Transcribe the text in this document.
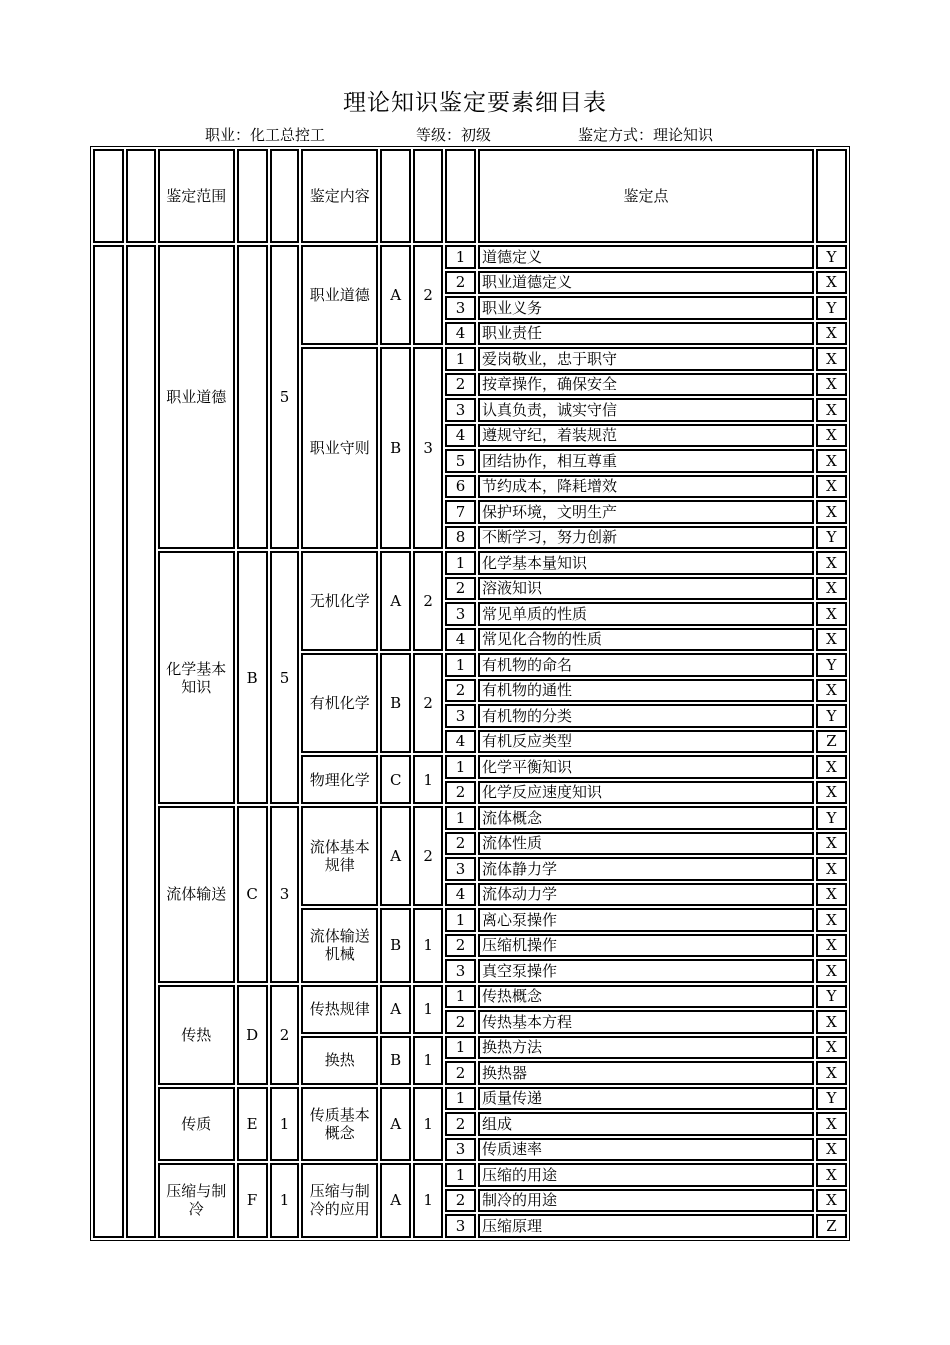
理论知识鉴定要素细目表
职业：化工总控工	等级：初级	鉴定方式：理论知识
		鉴定范围			鉴定内容				鉴定点	
		职业道德		5	职业道德	A	2	1	道德定义	Y
								2	职业道德定义	X
								3	职业义务	Y
								4	职业责任	X
					职业守则	B	3	1	爱岗敬业，忠于职守	X
								2	按章操作，确保安全	X
								3	认真负责，诚实守信	X
								4	遵规守纪，着装规范	X
								5	团结协作，相互尊重	X
								6	节约成本，降耗增效	X
								7	保护环境，文明生产	X
								8	不断学习，努力创新	Y
		化学基本知识	B	5	无机化学	A	2	1	化学基本量知识	X
								2	溶液知识	X
								3	常见单质的性质	X
								4	常见化合物的性质	X
					有机化学	B	2	1	有机物的命名	Y
								2	有机物的通性	X
								3	有机物的分类	Y
								4	有机反应类型	Z
					物理化学	C	1	1	化学平衡知识	X
								2	化学反应速度知识	X
		流体输送	C	3	流体基本规律	A	2	1	流体概念	Y
								2	流体性质	X
								3	流体静力学	X
								4	流体动力学	X
					流体输送机械	B	1	1	离心泵操作	X
								2	压缩机操作	X
								3	真空泵操作	X
		传热	D	2	传热规律	A	1	1	传热概念	Y
								2	传热基本方程	X
					换热	B	1	1	换热方法	X
								2	换热器	X
		传质	E	1	传质基本概念	A	1	1	质量传递	Y
								2	组成	X
								3	传质速率	X
		压缩与制冷	F	1	压缩与制冷的应用	A	1	1	压缩的用途	X
								2	制冷的用途	X
								3	压缩原理	Z
